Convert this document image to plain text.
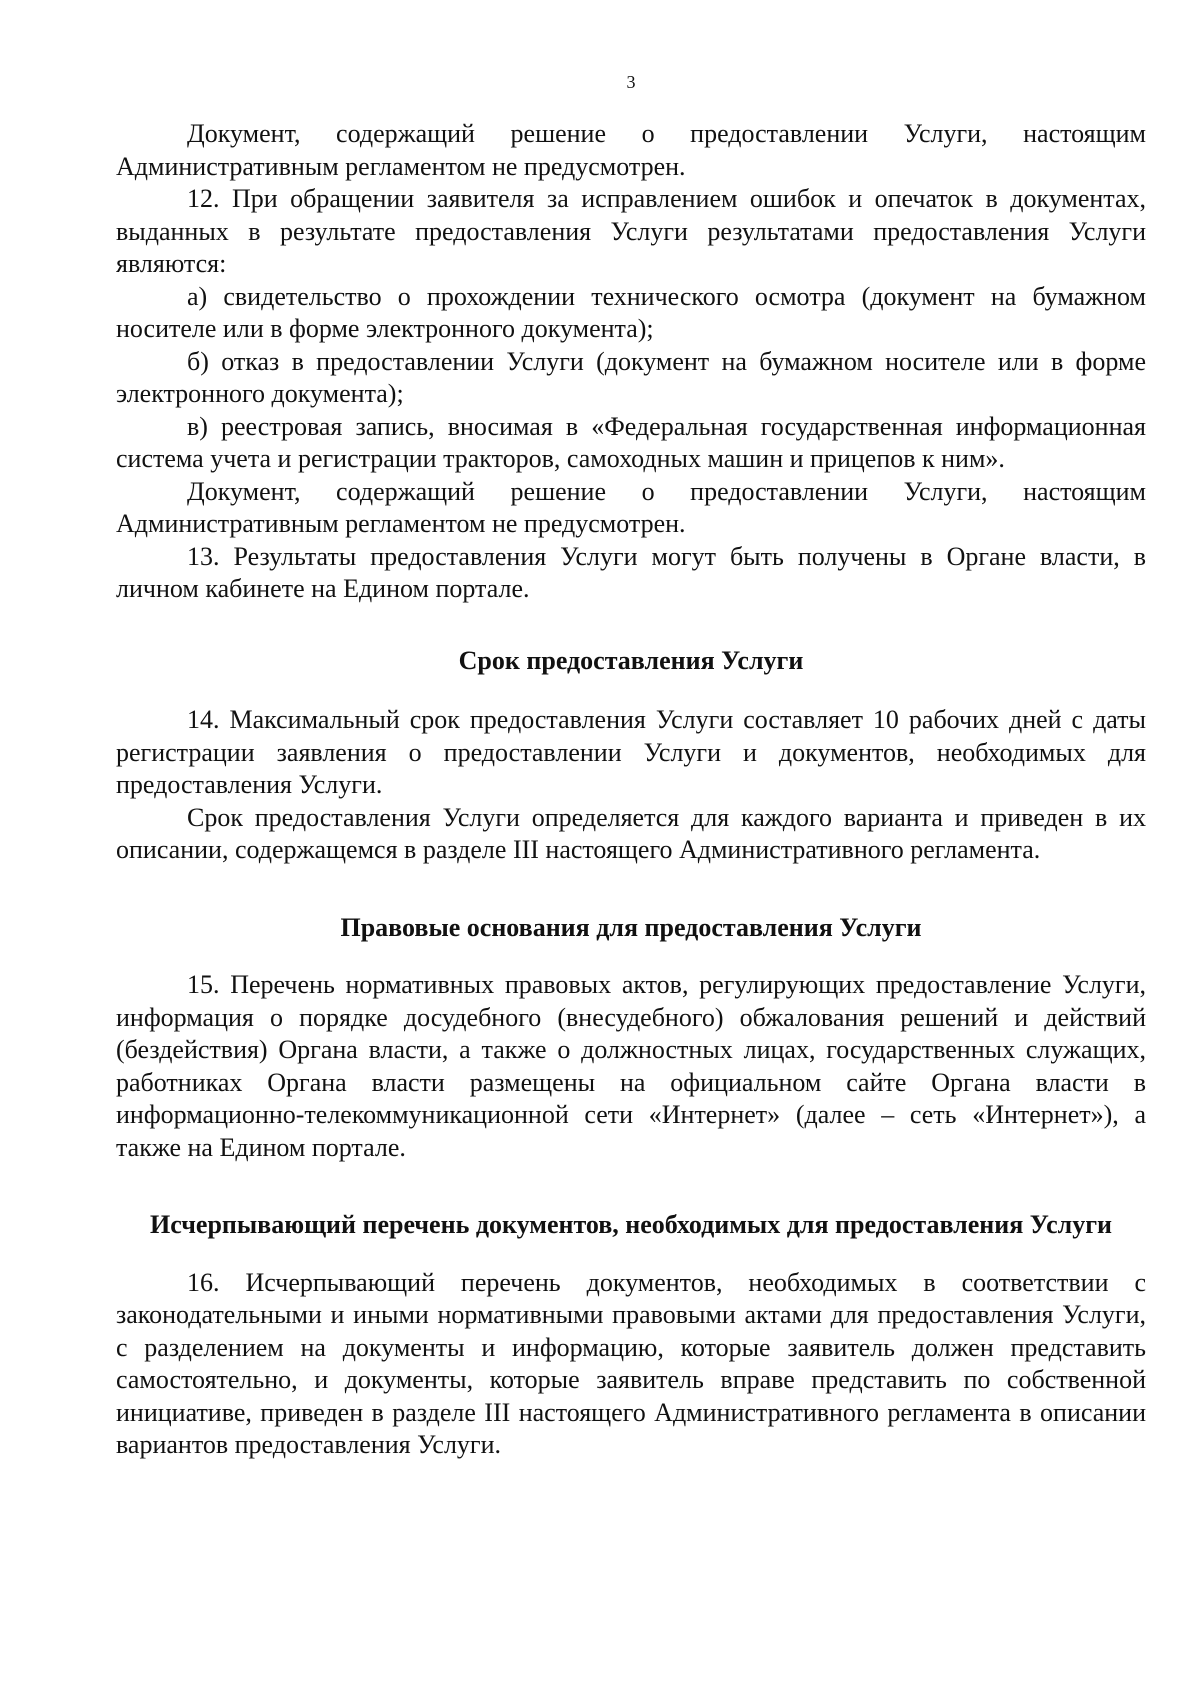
3

Документ, содержащий решение о предоставлении Услуги, настоящим Административным регламентом не предусмотрен.

12. При обращении заявителя за исправлением ошибок и опечаток в документах, выданных в результате предоставления Услуги результатами предоставления Услуги являются:

а) свидетельство о прохождении технического осмотра (документ на бумажном носителе или в форме электронного документа);

б) отказ в предоставлении Услуги (документ на бумажном носителе или в форме электронного документа);

в) реестровая запись, вносимая в «Федеральная государственная информационная система учета и регистрации тракторов, самоходных машин и прицепов к ним».

Документ, содержащий решение о предоставлении Услуги, настоящим Административным регламентом не предусмотрен.

13. Результаты предоставления Услуги могут быть получены в Органе власти, в личном кабинете на Едином портале.

Срок предоставления Услуги

14. Максимальный срок предоставления Услуги составляет 10 рабочих дней с даты регистрации заявления о предоставлении Услуги и документов, необходимых для предоставления Услуги.

Срок предоставления Услуги определяется для каждого варианта и приведен в их описании, содержащемся в разделе III настоящего Административного регламента.

Правовые основания для предоставления Услуги

15. Перечень нормативных правовых актов, регулирующих предоставление Услуги, информация о порядке досудебного (внесудебного) обжалования решений и действий (бездействия) Органа власти, а также о должностных лицах, государственных служащих, работниках Органа власти размещены на официальном сайте Органа власти в информационно-телекоммуникационной сети «Интернет» (далее – сеть «Интернет»), а также на Едином портале.

Исчерпывающий перечень документов, необходимых для предоставления Услуги

16. Исчерпывающий перечень документов, необходимых в соответствии с законодательными и иными нормативными правовыми актами для предоставления Услуги, с разделением на документы и информацию, которые заявитель должен представить самостоятельно, и документы, которые заявитель вправе представить по собственной инициативе, приведен в разделе III настоящего Административного регламента в описании вариантов предоставления Услуги.
